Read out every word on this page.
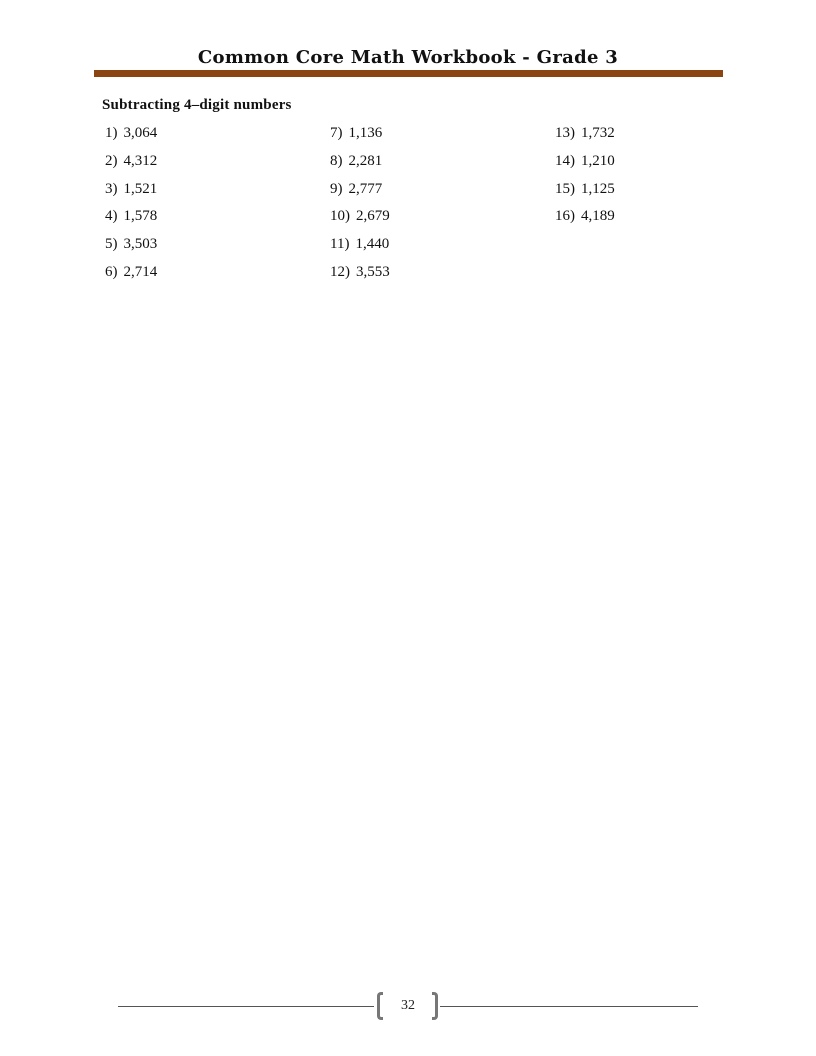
Common Core Math Workbook - Grade 3
Subtracting 4–digit numbers
1) 3,064
2) 4,312
3) 1,521
4) 1,578
5) 3,503
6) 2,714
7) 1,136
8) 2,281
9) 2,777
10) 2,679
11) 1,440
12) 3,553
13) 1,732
14) 1,210
15) 1,125
16) 4,189
32
